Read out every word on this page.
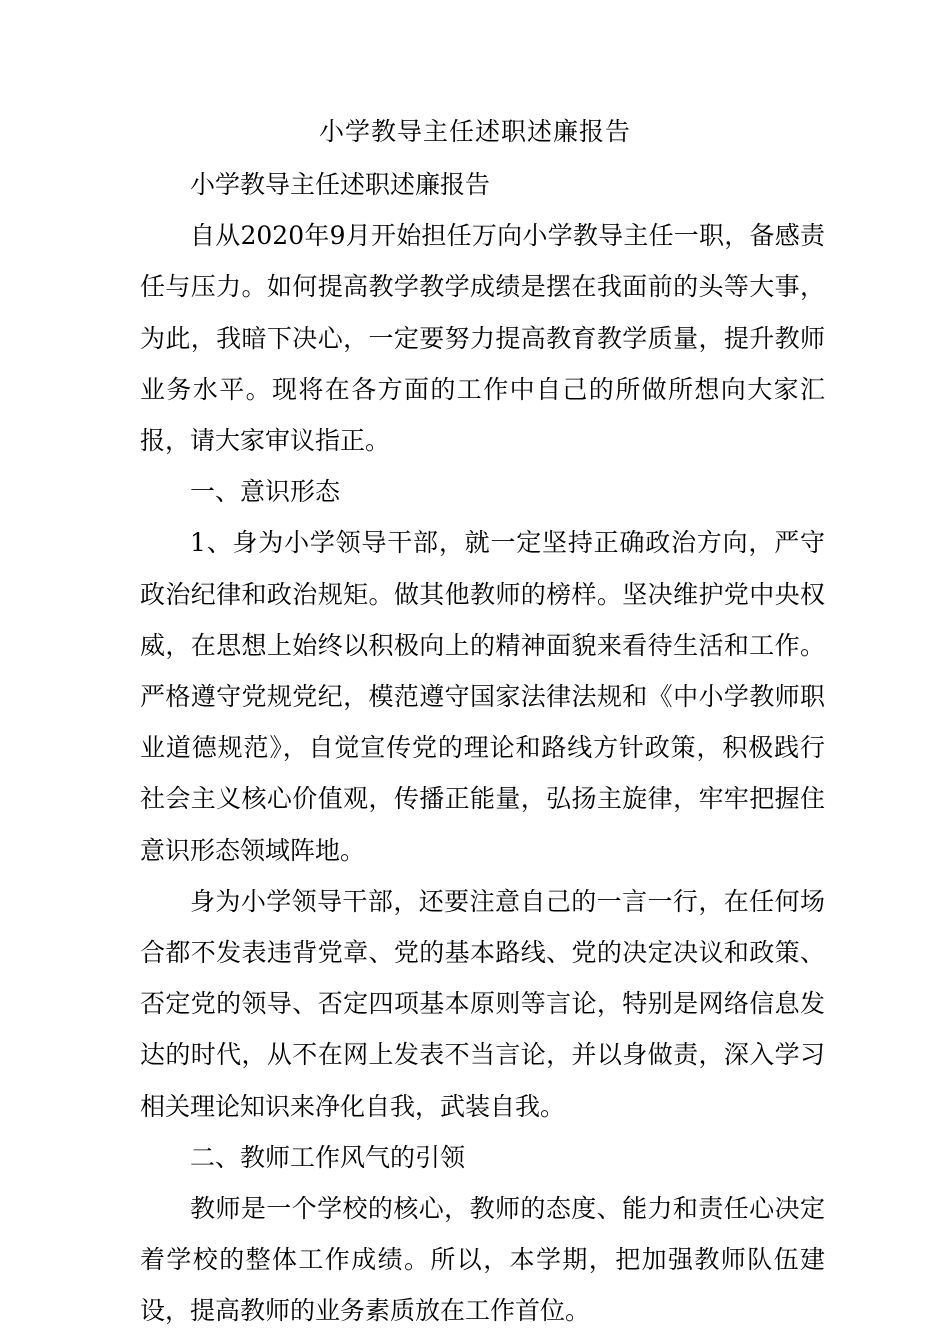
小学教导主任述职述廉报告

小学教导主任述职述廉报告

自从2020年9月开始担任万向小学教导主任一职，备感责任与压力。如何提高教学教学成绩是摆在我面前的头等大事，为此，我暗下决心，一定要努力提高教育教学质量，提升教师业务水平。现将在各方面的工作中自己的所做所想向大家汇报，请大家审议指正。

一、意识形态

1、身为小学领导干部，就一定坚持正确政治方向，严守政治纪律和政治规矩。做其他教师的榜样。坚决维护党中央权威，在思想上始终以积极向上的精神面貌来看待生活和工作。严格遵守党规党纪，模范遵守国家法律法规和《中小学教师职业道德规范》，自觉宣传党的理论和路线方针政策，积极践行社会主义核心价值观，传播正能量，弘扬主旋律，牢牢把握住意识形态领域阵地。

身为小学领导干部，还要注意自己的一言一行，在任何场合都不发表违背党章、党的基本路线、党的决定决议和政策、否定党的领导、否定四项基本原则等言论，特别是网络信息发达的时代，从不在网上发表不当言论，并以身做责，深入学习相关理论知识来净化自我，武装自我。

二、教师工作风气的引领

教师是一个学校的核心，教师的态度、能力和责任心决定着学校的整体工作成绩。所以，本学期，把加强教师队伍建设，提高教师的业务素质放在工作首位。
